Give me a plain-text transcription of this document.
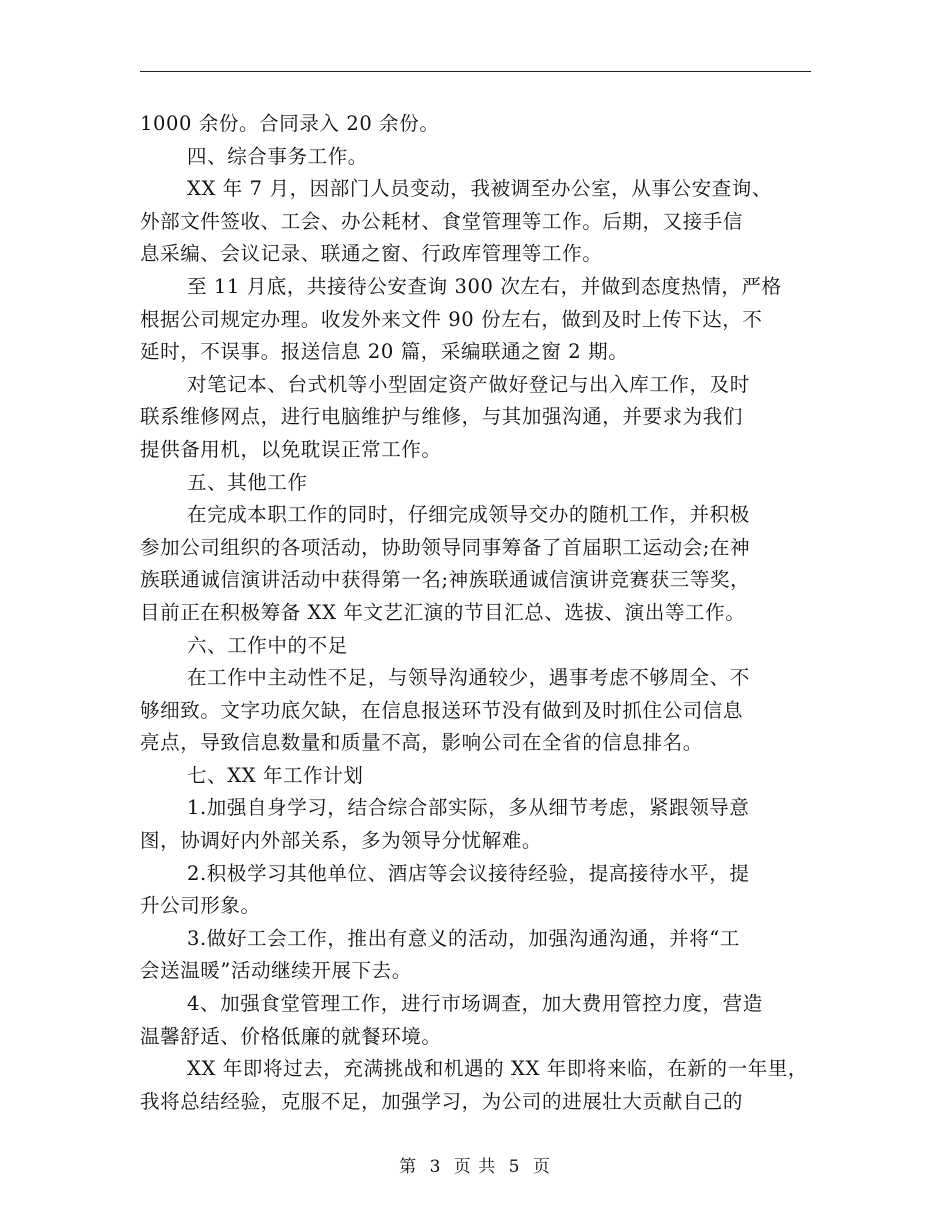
1000 余份。合同录入 20 余份。
四、综合事务工作。
XX 年 7 月，因部门人员变动，我被调至办公室，从事公安查询、
外部文件签收、工会、办公耗材、食堂管理等工作。后期，又接手信
息采编、会议记录、联通之窗、行政库管理等工作。
至 11 月底，共接待公安查询 300 次左右，并做到态度热情，严格
根据公司规定办理。收发外来文件 90 份左右，做到及时上传下达，不
延时，不误事。报送信息 20 篇，采编联通之窗 2 期。
对笔记本、台式机等小型固定资产做好登记与出入库工作，及时
联系维修网点，进行电脑维护与维修，与其加强沟通，并要求为我们
提供备用机，以免耽误正常工作。
五、其他工作
在完成本职工作的同时，仔细完成领导交办的随机工作，并积极
参加公司组织的各项活动，协助领导同事筹备了首届职工运动会;在神
族联通诚信演讲活动中获得第一名;神族联通诚信演讲竞赛获三等奖，
目前正在积极筹备 XX 年文艺汇演的节目汇总、选拔、演出等工作。
六、工作中的不足
在工作中主动性不足，与领导沟通较少，遇事考虑不够周全、不
够细致。文字功底欠缺，在信息报送环节没有做到及时抓住公司信息
亮点，导致信息数量和质量不高，影响公司在全省的信息排名。
七、XX 年工作计划
1.加强自身学习，结合综合部实际，多从细节考虑，紧跟领导意
图，协调好内外部关系，多为领导分忧解难。
2.积极学习其他单位、酒店等会议接待经验，提高接待水平，提
升公司形象。
3.做好工会工作，推出有意义的活动，加强沟通沟通，并将“工
会送温暖”活动继续开展下去。
4、加强食堂管理工作，进行市场调查，加大费用管控力度，营造
温馨舒适、价格低廉的就餐环境。
XX 年即将过去，充满挑战和机遇的 XX 年即将来临，在新的一年里，
我将总结经验，克服不足，加强学习，为公司的进展壮大贡献自己的
第 3 页 共 5 页
